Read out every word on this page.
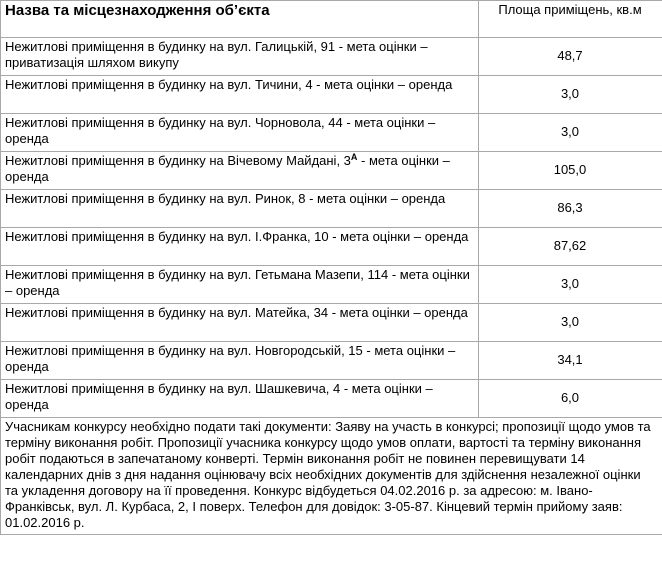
Назва та місцезнаходження об’єкта	Площа приміщень, кв.м
Нежитлові приміщення в будинку на вул. Галицькій, 91 - мета оцінки – приватизація шляхом викупу	48,7
Нежитлові приміщення в будинку на вул. Тичини, 4 - мета оцінки – оренда	3,0
Нежитлові приміщення в будинку на вул. Чорновола, 44 - мета оцінки – оренда	3,0
Нежитлові приміщення в будинку на Вічевому Майдані, $3^А$ - мета оцінки – оренда	105,0
Нежитлові приміщення в будинку на вул. Ринок, 8 - мета оцінки – оренда	86,3
Нежитлові приміщення в будинку на вул. І.Франка, 10 - мета оцінки – оренда	87,62
Нежитлові приміщення в будинку на вул. Гетьмана Мазепи, 114 - мета оцінки – оренда	3,0
Нежитлові приміщення в будинку на вул. Матейка, 34 - мета оцінки – оренда	3,0
Нежитлові приміщення в будинку на вул. Новгородській, 15 - мета оцінки – оренда	34,1
Нежитлові приміщення в будинку на вул. Шашкевича, 4 - мета оцінки – оренда	6,0
Учасникам конкурсу необхідно подати такі документи: Заяву на участь в конкурсі; пропозиції щодо умов та терміну виконання робіт. Пропозиції учасника конкурсу щодо умов оплати, вартості та терміну виконання робіт подаються в запечатаному конверті. Термін виконання робіт не повинен перевищувати 14 календарних днів з дня надання оцінювачу всіх необхідних документів для здійснення незалежної оцінки та укладення договору на її проведення. Конкурс відбудеться 04.02.2016 р. за адресою: м. Івано-Франківськ, вул. Л. Курбаса, 2, І поверх. Телефон для довідок: 3-05-87. Кінцевий термін прийому заяв: 01.02.2016 р.	
